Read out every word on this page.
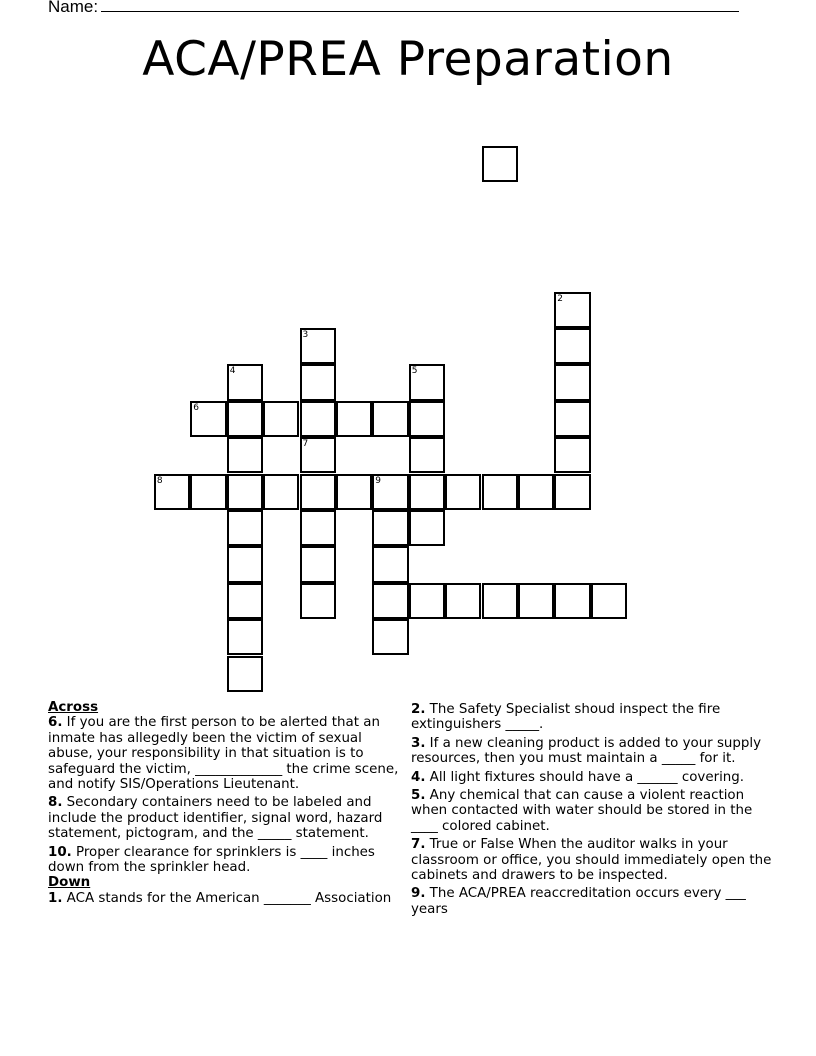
Name:
ACA/PREA Preparation
2
3
4	5
6
7
8	9

Across

6. If you are the first person to be alerted that an inmate has allegedly been the victim of sexual abuse, your responsibility in that situation is to safeguard the victim, _____________ the crime scene, and notify SIS/Operations Lieutenant.

8. Secondary containers need to be labeled and include the product identifier, signal word, hazard statement, pictogram, and the _____ statement.

10. Proper clearance for sprinklers is ____ inches down from the sprinkler head.

Down

1. ACA stands for the American _______ Association

2. The Safety Specialist shoud inspect the fire extinguishers _____.

3. If a new cleaning product is added to your supply resources, then you must maintain a _____ for it.

4. All light fixtures should have a ______ covering.

5. Any chemical that can cause a violent reaction when contacted with water should be stored in the ____ colored cabinet.

7. True or False When the auditor walks in your classroom or office, you should immediately open the cabinets and drawers to be inspected.

9. The ACA/PREA reaccreditation occurs every ___ years
